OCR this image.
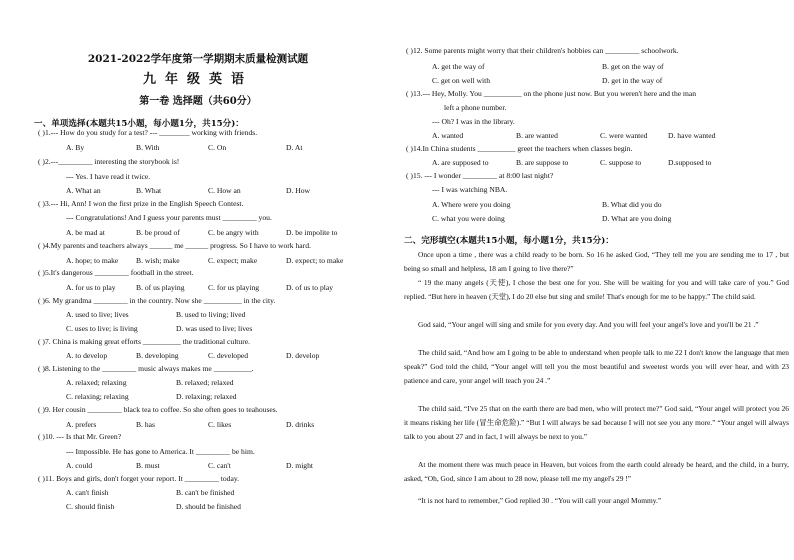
2021-2022学年度第一学期期末质量检测试题
九年级英语
第一卷 选择题（共60分）
一、单项选择(本题共15小题，每小题1分，共15分)：
( )1.--- How do you study for a test? --- ________ working with friends.
A. By	B. With	C. On	D. At
( )2.---_________ interesting the storybook is!
--- Yes. I have read it twice.
A. What an	B. What	C. How an	D. How
( )3.--- Hi, Ann! I won the first prize in the English Speech Contest.
--- Congratulations! And I guess your parents must _________ you.
A. be mad at	B. be proud of	C. be angry with	D. be impolite to
( )4.My parents and teachers always ______ me ______ progress. So I have to work hard.
A. hope; to make B. wish; make	C. expect; make	D. expect; to make
( )5.It's dangerous _________ football in the street.
A. for us to play	B. of us playing	C. for us playing	D. of us to play
( )6. My grandma _________ in the country. Now she __________ in the city.
A. used to live; lives	B. used to living; lived
C. uses to live; is living	D. was used to live; lives
( )7. China is making great efforts __________ the traditional culture.
A. to develop	B. developing	C. developed	D. develop
( )8. Listening to the _________ music always makes me __________.
A. relaxed; relaxing	B. relaxed; relaxed
C. relaxing; relaxing	D. relaxing; relaxed
( )9. Her cousin _________ black tea to coffee. So she often goes to teahouses.
A. prefers	B. has	C. likes	D. drinks
( )10. --- Is that Mr. Green?
--- Impossible. He has gone to America. It _________ be him.
A. could	B. must	C. can't	D. might
( )11. Boys and girls, don't forget your report. It _________ today.
A. can't finish	B. can't be finished
C. should finish	D. should be finished
( )12. Some parents might worry that their children's hobbies can _________ schoolwork.
A. get the way of	B. get on the way of
C. get on well with	D. get in the way of
( )13.--- Hey, Molly. You __________ on the phone just now. But you weren't here and the man
left a phone number.
--- Oh? I was in the library.
A. wanted	B. are wanted	C. were wanted	D. have wanted
( )14.In China students __________ greet the teachers when classes begin.
A. are supposed to	B. are suppose to	C. suppose to	D.supposed to
( )15. --- I wonder _________ at 8:00 last night?
--- I was watching NBA.
A. Where were you doing	B. What did you do
C. what you were doing	D. What are you doing
二、完形填空(本题共15小题，每小题1分，共15分)：
Once upon a time , there was a child ready to be born. So 16 he asked God, “They tell me you are sending me to 17 , but being so small and helpless, 18 am I going to live there?”
“ 19 the many angels (天使), I chose the best one for you. She will be waiting for you and will take care of you.” God replied. “But here in heaven (天堂), I do 20 else but sing and smile! That's enough for me to be happy.” The child said.
God said, “Your angel will sing and smile for you every day. And you will feel your angel's love and you'll be 21 .”
The child said, “And how am I going to be able to understand when people talk to me 22 I don't know the language that men speak?” God told the child, “Your angel will tell you the most beautiful and sweetest words you will ever hear, and with 23 patience and care, your angel will teach you 24 .”
The child said, “I've 25 that on the earth there are bad men, who will protect me?” God said, “Your angel will protect you 26 it means risking her life (冒生命危险).” “But I will always be sad because I will not see you any more.” “Your angel will always talk to you about 27 and in fact, I will always be next to you.”
At the moment there was much peace in Heaven, but voices from the earth could already be heard, and the child, in a hurry, asked, “Oh, God, since I am about to 28 now, please tell me my angel's 29 !”
“It is not hard to remember,” God replied 30 . “You will call your angel Mommy.”
